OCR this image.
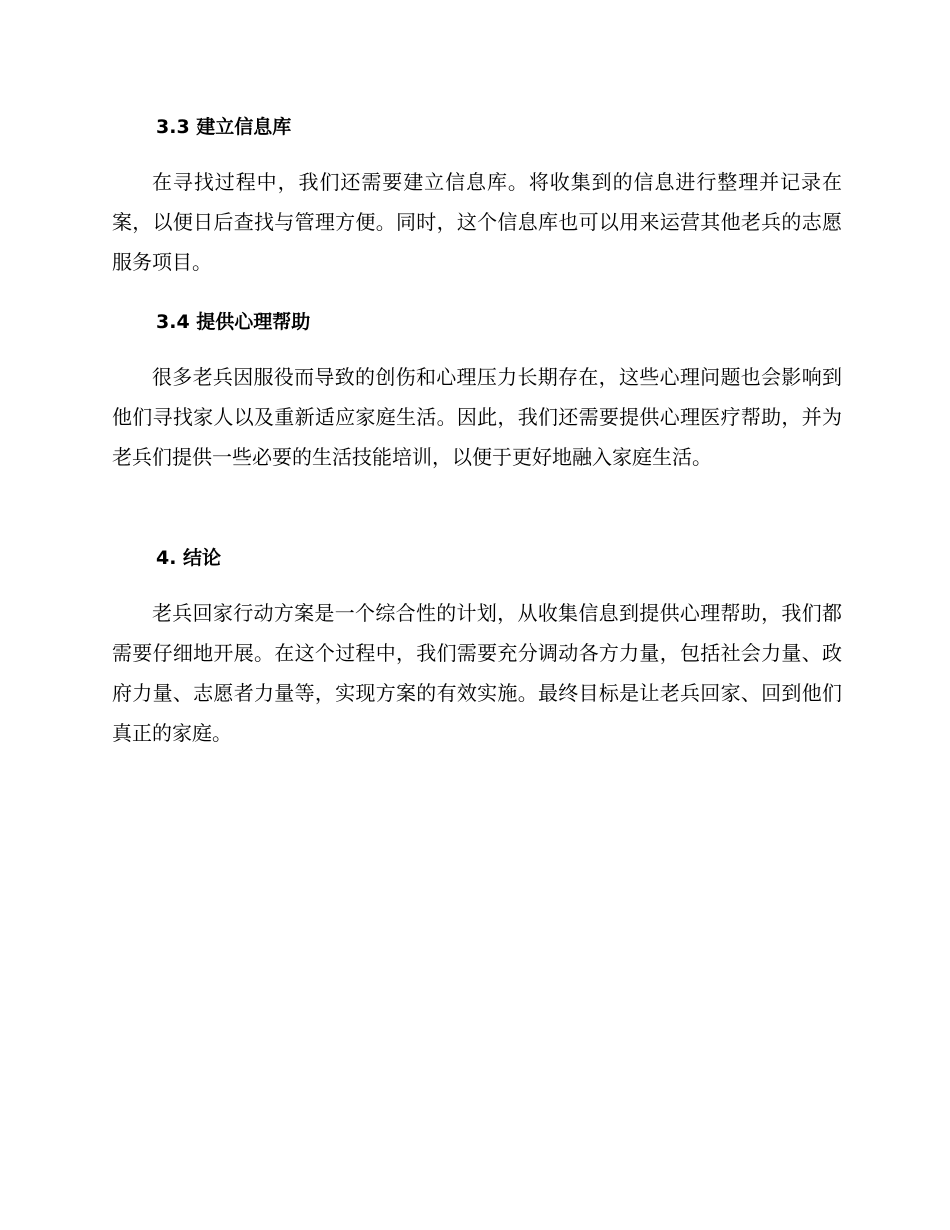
3.3 建立信息库

在寻找过程中，我们还需要建立信息库。将收集到的信息进行整理并记录在案，以便日后查找与管理方便。同时，这个信息库也可以用来运营其他老兵的志愿服务项目。

3.4 提供心理帮助

很多老兵因服役而导致的创伤和心理压力长期存在，这些心理问题也会影响到他们寻找家人以及重新适应家庭生活。因此，我们还需要提供心理医疗帮助，并为老兵们提供一些必要的生活技能培训，以便于更好地融入家庭生活。

4. 结论

老兵回家行动方案是一个综合性的计划，从收集信息到提供心理帮助，我们都需要仔细地开展。在这个过程中，我们需要充分调动各方力量，包括社会力量、政府力量、志愿者力量等，实现方案的有效实施。最终目标是让老兵回家、回到他们真正的家庭。
